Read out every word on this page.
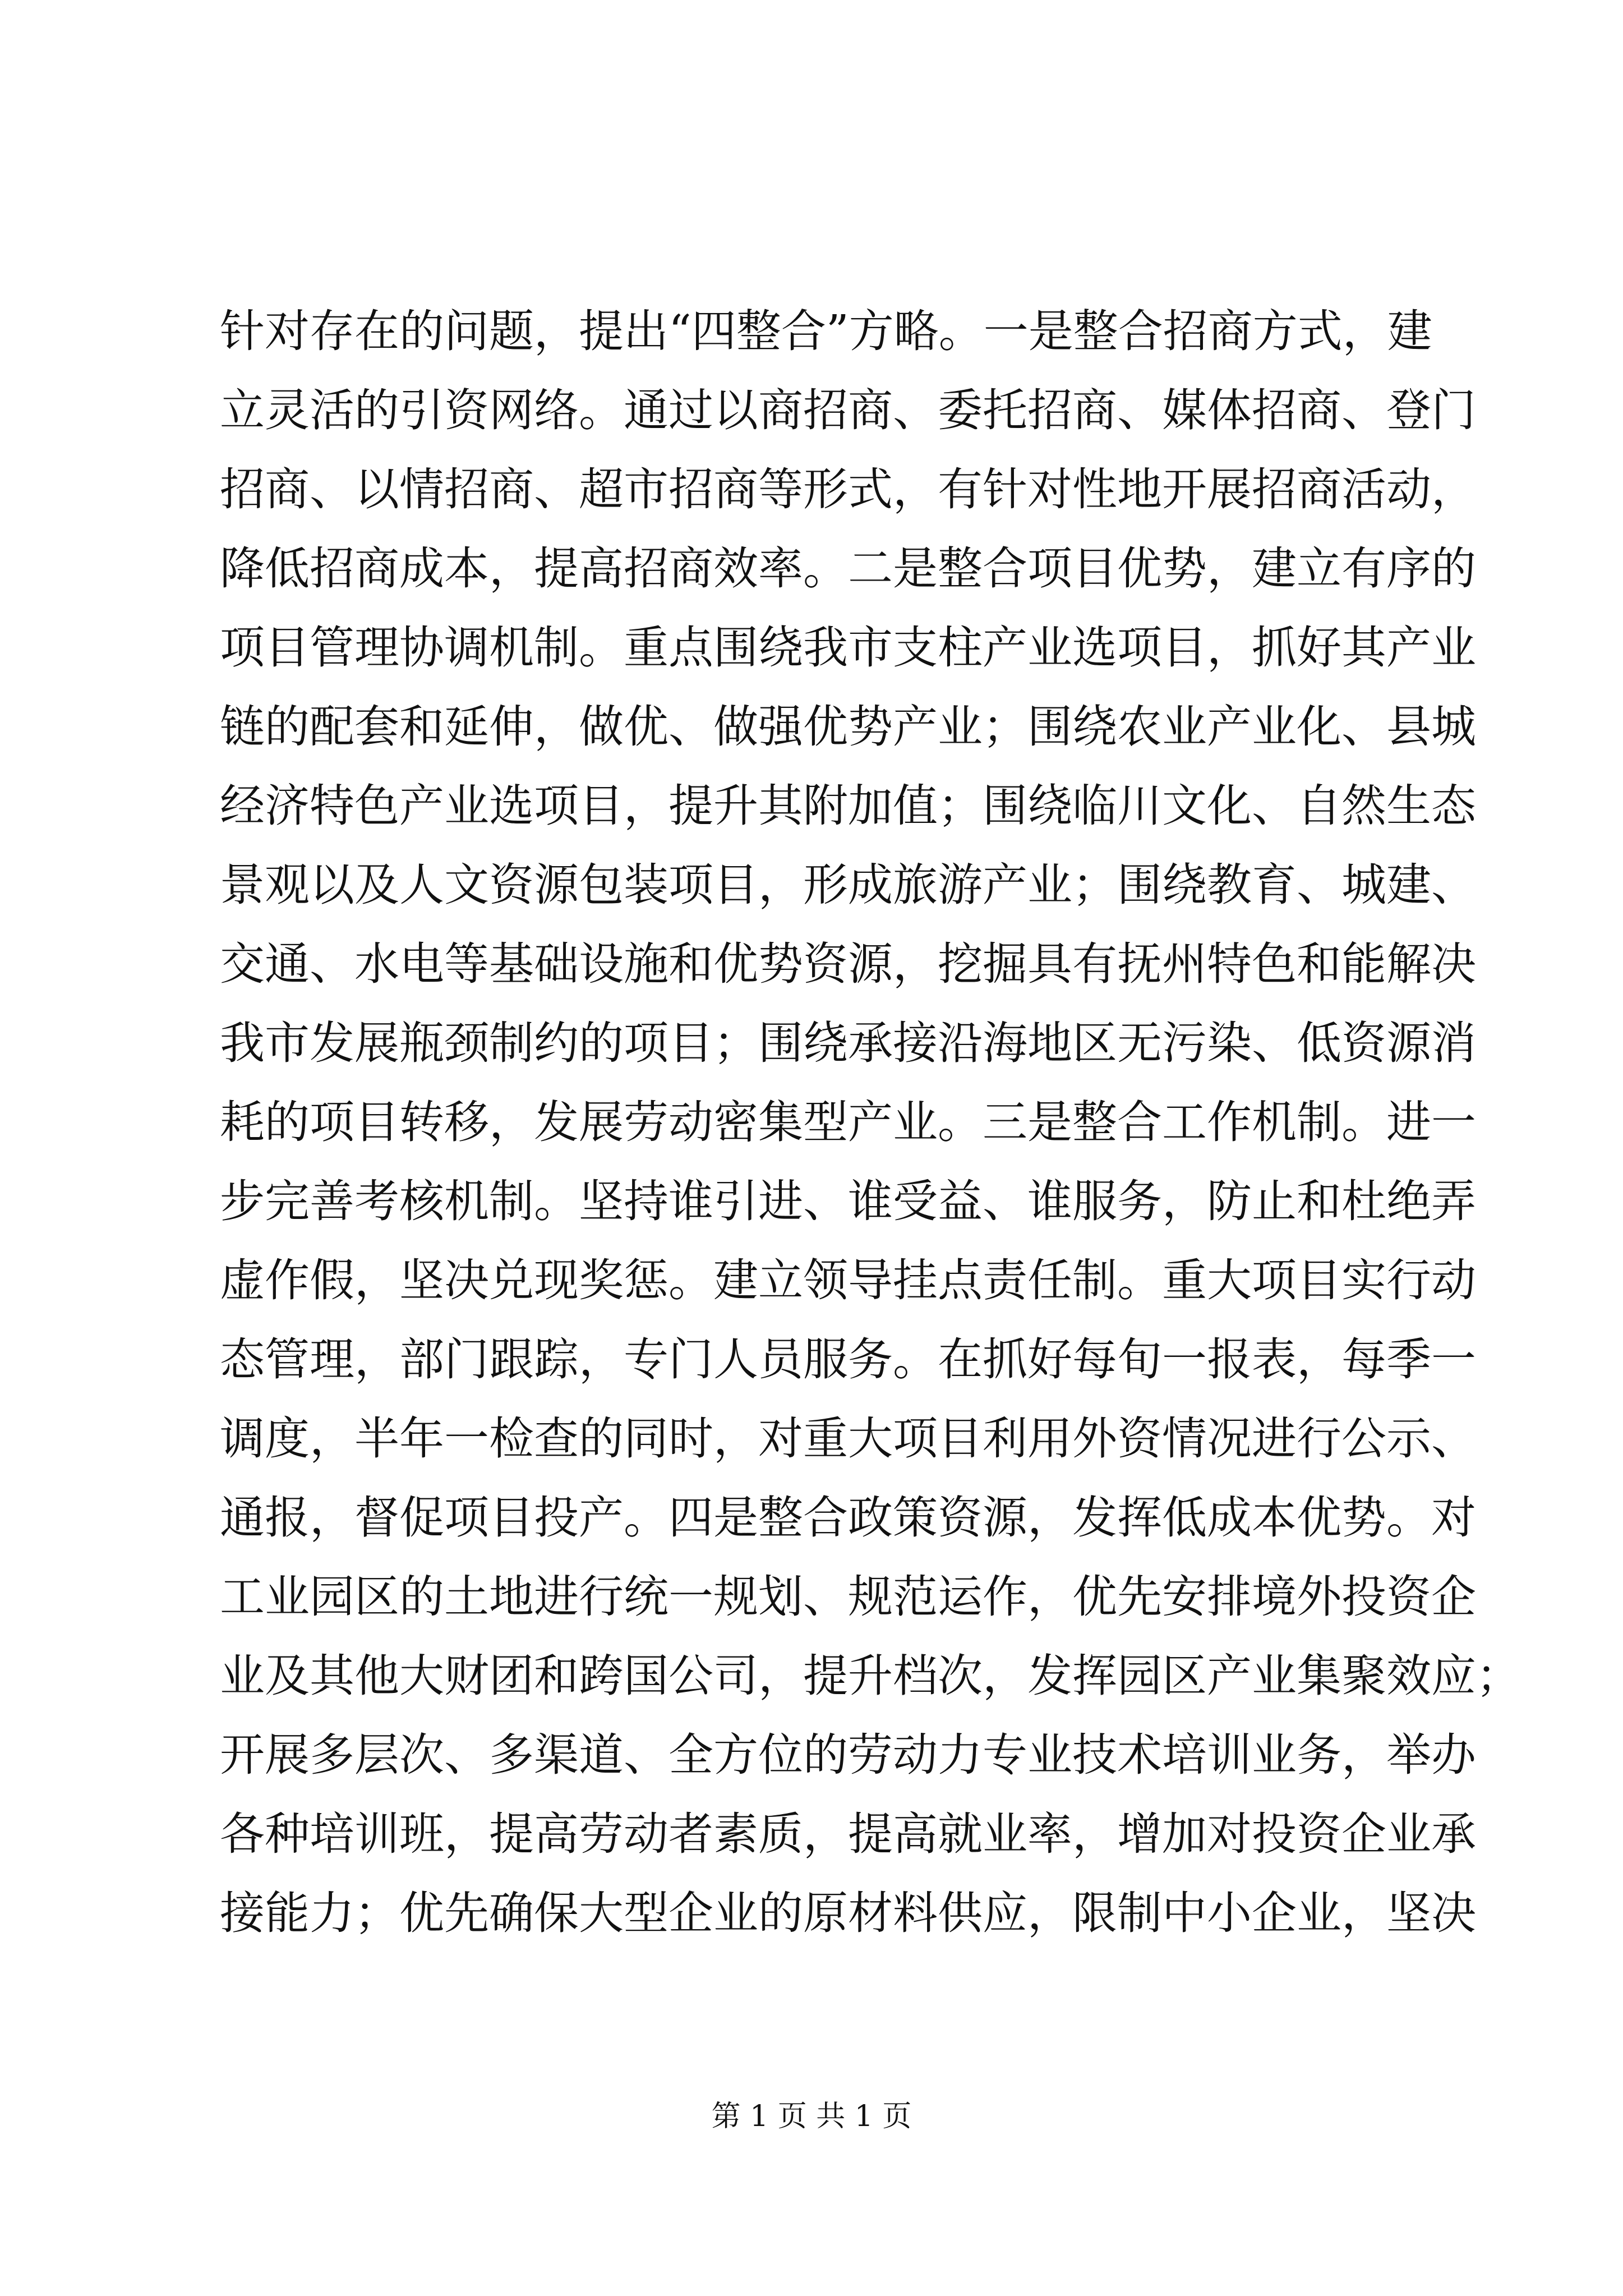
针对存在的问题，提出“四整合”方略。一是整合招商方式，建
立灵活的引资网络。通过以商招商、委托招商、媒体招商、登门
招商、以情招商、超市招商等形式，有针对性地开展招商活动，
降低招商成本，提高招商效率。二是整合项目优势，建立有序的
项目管理协调机制。重点围绕我市支柱产业选项目，抓好其产业
链的配套和延伸，做优、做强优势产业；围绕农业产业化、县城
经济特色产业选项目，提升其附加值；围绕临川文化、自然生态
景观以及人文资源包装项目，形成旅游产业；围绕教育、城建、
交通、水电等基础设施和优势资源，挖掘具有抚州特色和能解决
我市发展瓶颈制约的项目；围绕承接沿海地区无污染、低资源消
耗的项目转移，发展劳动密集型产业。三是整合工作机制。进一
步完善考核机制。坚持谁引进、谁受益、谁服务，防止和杜绝弄
虚作假，坚决兑现奖惩。建立领导挂点责任制。重大项目实行动
态管理，部门跟踪，专门人员服务。在抓好每旬一报表，每季一
调度，半年一检查的同时，对重大项目利用外资情况进行公示、
通报，督促项目投产。四是整合政策资源，发挥低成本优势。对
工业园区的土地进行统一规划、规范运作，优先安排境外投资企
业及其他大财团和跨国公司，提升档次，发挥园区产业集聚效应；
开展多层次、多渠道、全方位的劳动力专业技术培训业务，举办
各种培训班，提高劳动者素质，提高就业率，增加对投资企业承
接能力；优先确保大型企业的原材料供应，限制中小企业，坚决
第 1 页 共 1 页
